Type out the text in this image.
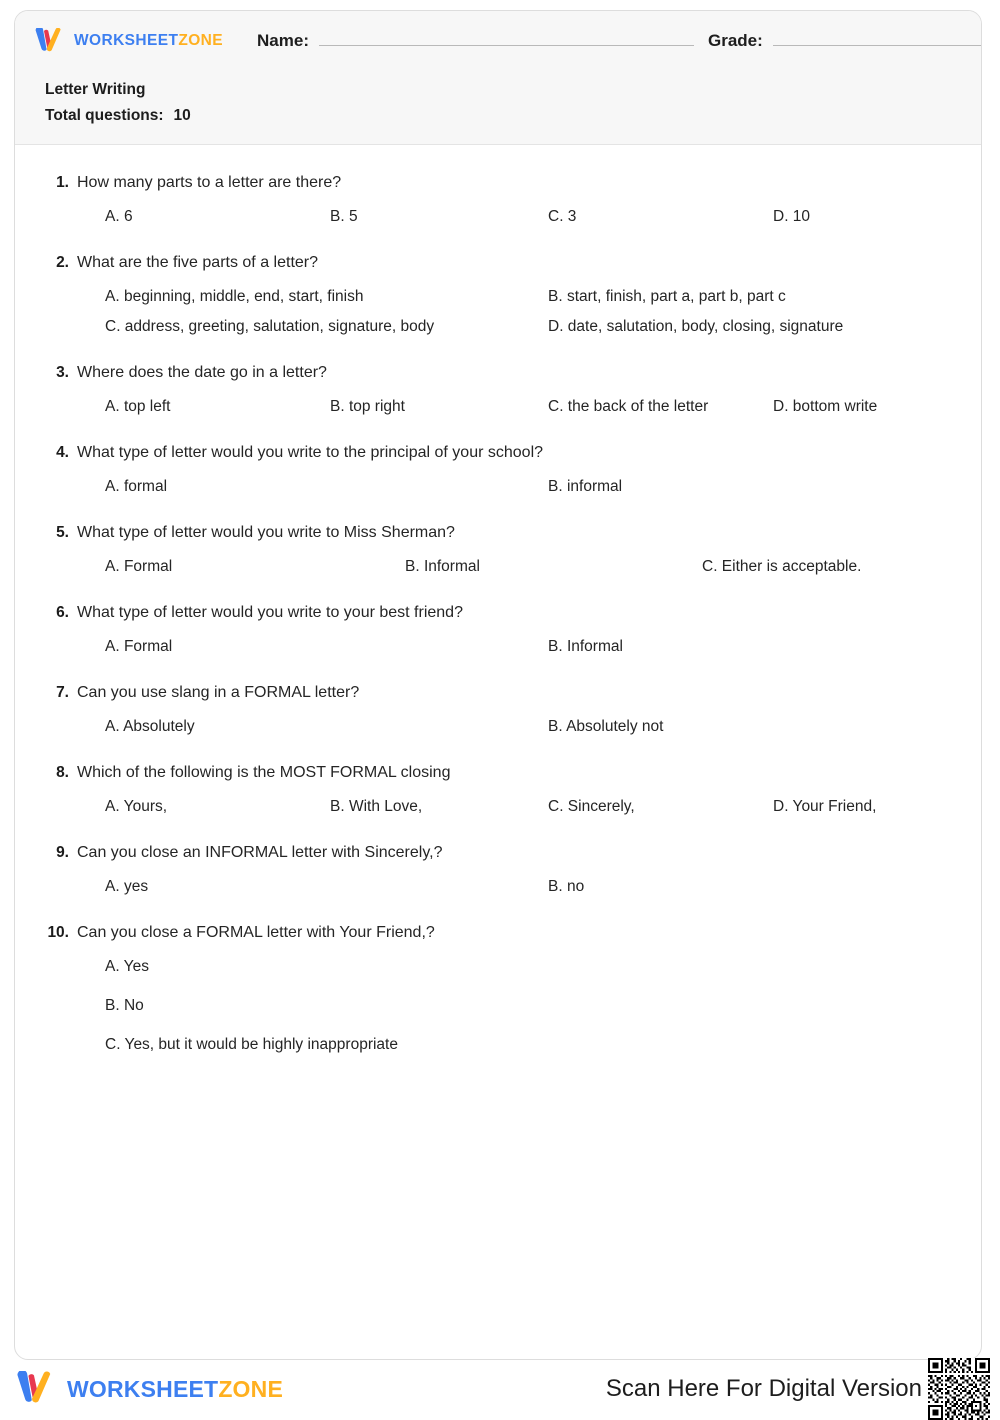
WORKSHEETZONE Name:	Grade:
Letter Writing
Total questions: 10
1. How many parts to a letter are there?
A. 6	B. 5	C. 3	D. 10
2. What are the five parts of a letter?
A. beginning, middle, end, start, finish	B. start, finish, part a, part b, part c
C. address, greeting, salutation, signature, body	D. date, salutation, body, closing, signature
3. Where does the date go in a letter?
A. top left	B. top right	C. the back of the letter	D. bottom write
4. What type of letter would you write to the principal of your school?
A. formal	B. informal
5. What type of letter would you write to Miss Sherman?
A. Formal	B. Informal	C. Either is acceptable.
6. What type of letter would you write to your best friend?
A. Formal	B. Informal
7. Can you use slang in a FORMAL letter?
A. Absolutely	B. Absolutely not
8. Which of the following is the MOST FORMAL closing
A. Yours,	B. With Love,	C. Sincerely,	D. Your Friend,
9. Can you close an INFORMAL letter with Sincerely,?
A. yes	B. no
10. Can you close a FORMAL letter with Your Friend,?
A. Yes
B. No
C. Yes, but it would be highly inappropriate
WORKSHEETZONE	Scan Here For Digital Version
